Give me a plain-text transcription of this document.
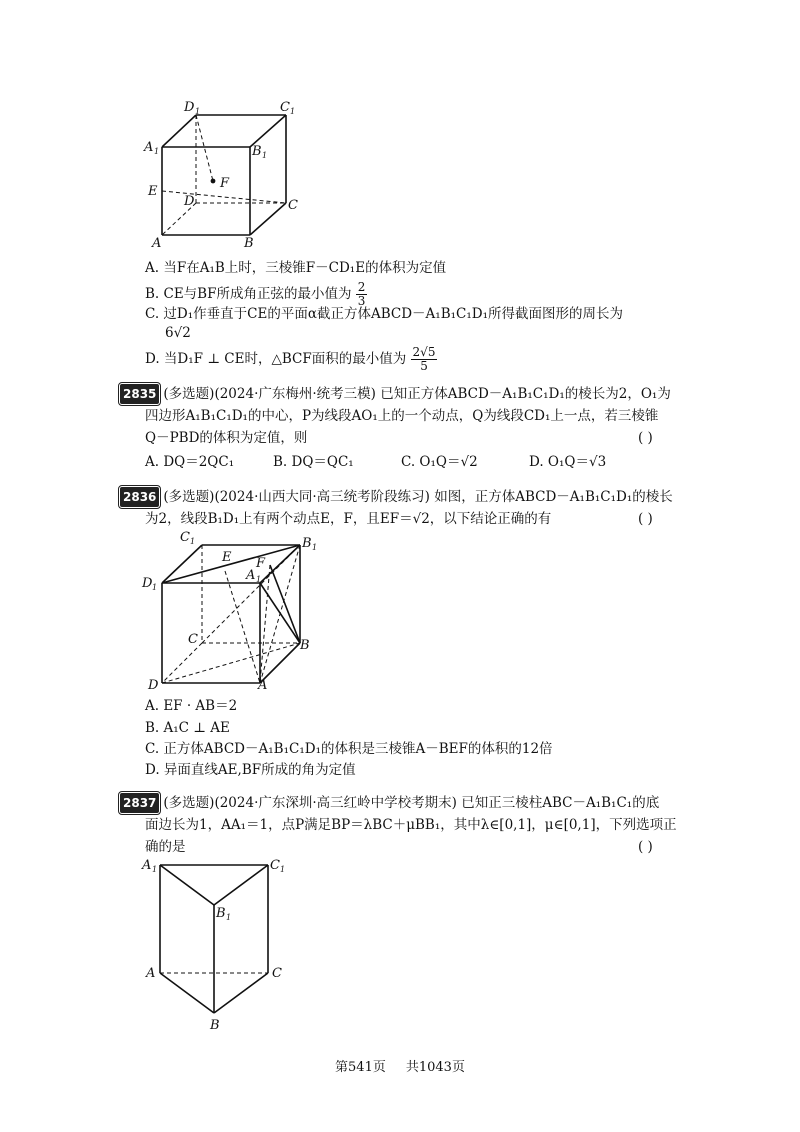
D 1	C 1
A 1	B 1
F
E
D	C
A	B
A. 当F在A₁B上时，三棱锥F－CD₁E的体积为定值
B. CE与BF所成角正弦的最小值为 $\frac{2}{3}$
C. 过D₁作垂直于CE的平面α截正方体ABCD－A₁B₁C₁D₁所得截面图形的周长为
6√2
D. 当D₁F ⊥ CE时，△BCF面积的最小值为 $\frac{2√5}{5}$
2835 (多选题)(2024·广东梅州·统考三模) 已知正方体ABCD－A₁B₁C₁D₁的棱长为2，O₁为
四边形A₁B₁C₁D₁的中心，P为线段AO₁上的一个动点，Q为线段CD₁上一点，若三棱锥
Q－PBD的体积为定值，则	( )
A. DQ＝2QC₁	B. DQ＝QC₁	C. O₁Q＝√2	D. O₁Q＝√3
2836 (多选题)(2024·山西大同·高三统考阶段练习) 如图，正方体ABCD－A₁B₁C₁D₁的棱长
为2，线段B₁D₁上有两个动点E，F，且EF＝√2，以下结论正确的有	( )
C 1	B 1
E F
A 1
D 1
C	B
D	A
A. EF · AB＝2
B. A₁C ⊥ AE
C. 正方体ABCD－A₁B₁C₁D₁的体积是三棱锥A－BEF的体积的12倍
D. 异面直线AE,BF所成的角为定值
2837 (多选题)(2024·广东深圳·高三红岭中学校考期末) 已知正三棱柱ABC－A₁B₁C₁的底
面边长为1，AA₁＝1，点P满足BP＝λBC＋μBB₁，其中λ∈[0,1]，μ∈[0,1]，下列选项正
确的是	( )
A 1	C 1
B 1
A	C
B
第541页 共1043页
